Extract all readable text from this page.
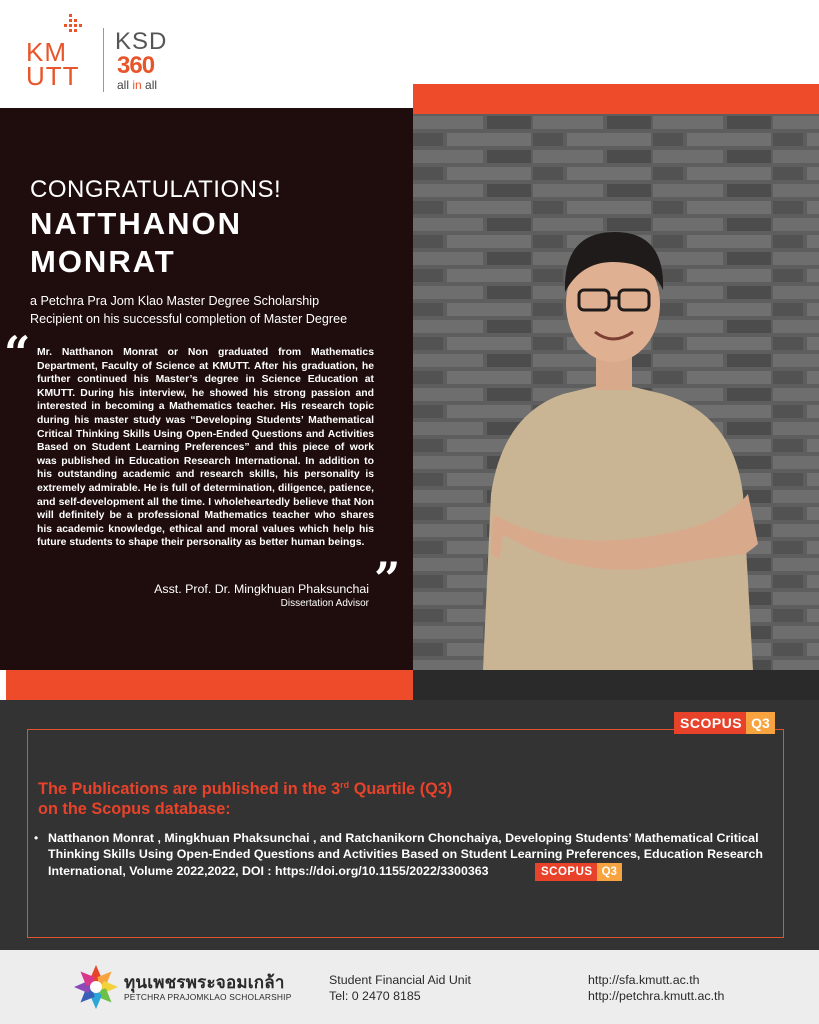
KM
UTT
KSD
360
all in all
CONGRATULATIONS!
NATTHANON
MONRAT
a Petchra Pra Jom Klao Master Degree Scholarship
Recipient on his successful completion of Master Degree
“ Mr. Natthanon Monrat or Non graduated from Mathematics Department, Faculty of Science at KMUTT. After his graduation, he further continued his Master’s degree in Science Education at KMUTT. During his interview, he showed his strong passion and interested in becoming a Mathematics teacher. His research topic during his master study was “Developing Students’ Mathematical Critical Thinking Skills Using Open-Ended Questions and Activities Based on Student Learning Preferences” and this piece of work was published in Education Research International. In addition to his outstanding academic and research skills, his personality is extremely admirable. He is full of determination, diligence, patience, and self-development all the time. I wholeheartedly believe that Non will definitely be a professional Mathematics teacher who shares his academic knowledge, ethical and moral values which help his future students to shape their personality as better human beings.
”
Asst. Prof. Dr. Mingkhuan Phaksunchai
Dissertation Advisor
SCOPUS Q3
The Publications are published in the 3rd Quartile (Q3)
on the Scopus database:
• Natthanon Monrat , Mingkhuan Phaksunchai , and Ratchanikorn Chonchaiya, Developing Students’ Mathematical Critical Thinking Skills Using Open-Ended Questions and Activities Based on Student Learning Preferences, Education Research International, Volume 2022,2022, DOI : https://doi.org/10.1155/2022/3300363	SCOPUS Q3
ทุนเพชรพระจอมเกล้า
PETCHRA PRAJOMKLAO SCHOLARSHIP
Student Financial Aid Unit
Tel: 0 2470 8185
http://sfa.kmutt.ac.th
http://petchra.kmutt.ac.th
